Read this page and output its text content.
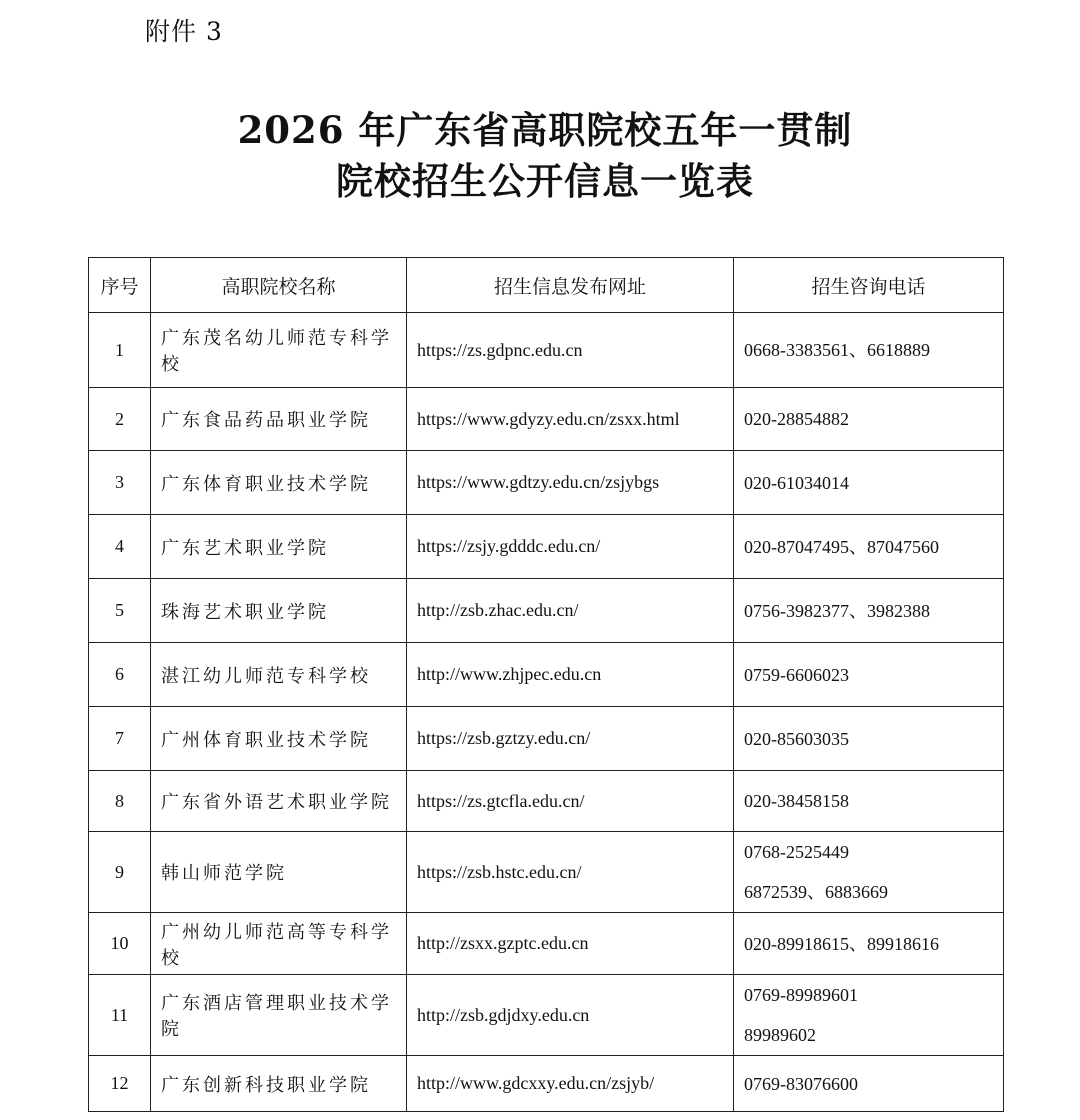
附件 3
2026 年广东省高职院校五年一贯制
院校招生公开信息一览表
序号	高职院校名称	招生信息发布网址	招生咨询电话
1	广东茂名幼儿师范专科学校	https://zs.gdpnc.edu.cn	0668-3383561、6618889

2	广东食品药品职业学院	https://www.gdyzy.edu.cn/zsxx.html	020-28854882

3	广东体育职业技术学院	https://www.gdtzy.edu.cn/zsjybgs	020-61034014

4	广东艺术职业学院	https://zsjy.gdddc.edu.cn/	020-87047495、87047560

5	珠海艺术职业学院	http://zsb.zhac.edu.cn/	0756-3982377、3982388

6	湛江幼儿师范专科学校	http://www.zhjpec.edu.cn	0759-6606023

7	广州体育职业技术学院	https://zsb.gztzy.edu.cn/	020-85603035

8	广东省外语艺术职业学院	https://zs.gtcfla.edu.cn/	020-38458158

9	韩山师范学院	https://zsb.hstc.edu.cn/	0768-2525449
6872539、6883669

10	广州幼儿师范高等专科学校	http://zsxx.gzptc.edu.cn	020-89918615、89918616

11	广东酒店管理职业技术学院	http://zsb.gdjdxy.edu.cn	0769-89989601
89989602

12	广东创新科技职业学院	http://www.gdcxxy.edu.cn/zsjyb/	0769-83076600
